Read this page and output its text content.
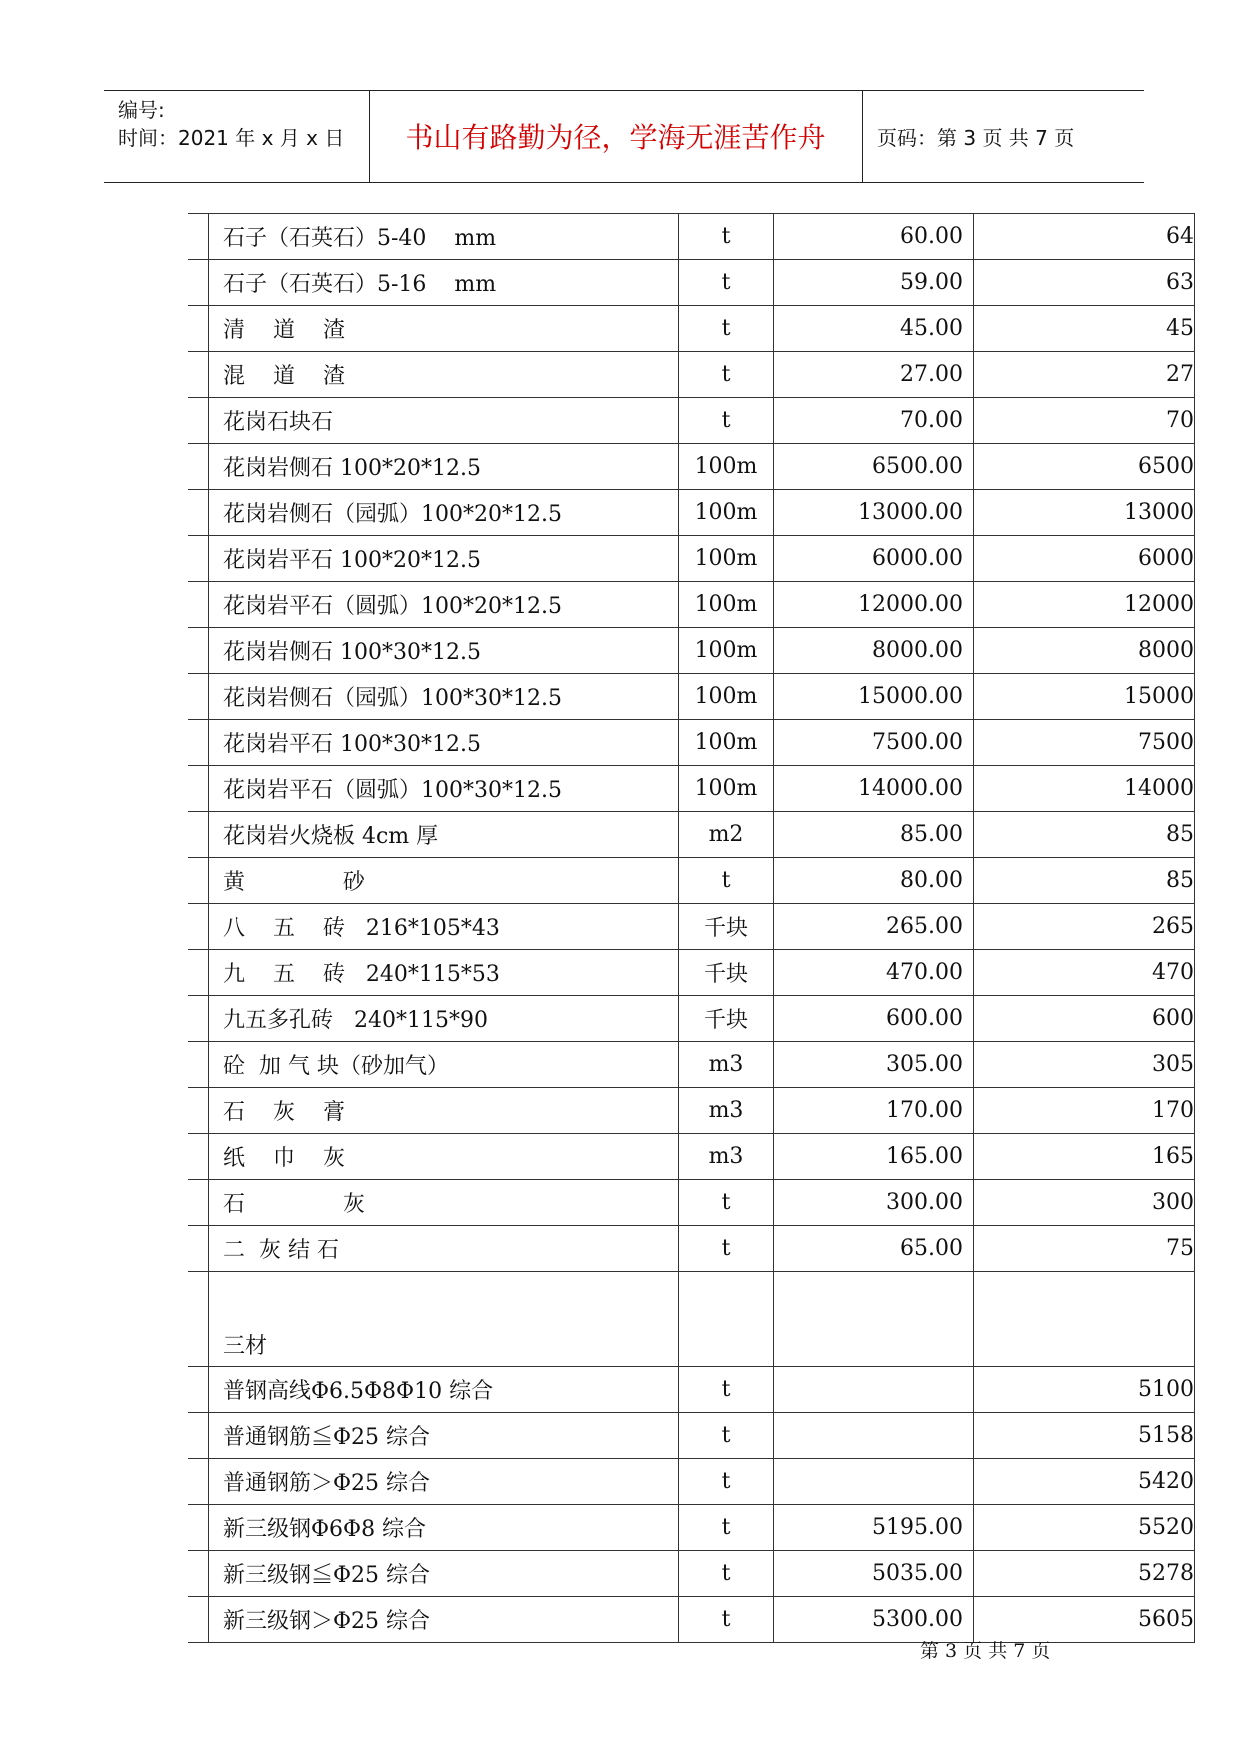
编号:
时间：2021 年 x 月 x 日	书山有路勤为径，学海无涯苦作舟	页码：第 3 页 共 7 页
	石子（石英石）5-40    mm	t	60.00	64
	石子（石英石）5-16    mm	t	59.00	63
	清    道    渣	t	45.00	45
	混    道    渣	t	27.00	27
	花岗石块石	t	70.00	70
	花岗岩侧石 100*20*12.5	100m	6500.00	6500
	花岗岩侧石（园弧）100*20*12.5	100m	13000.00	13000
	花岗岩平石 100*20*12.5	100m	6000.00	6000
	花岗岩平石（圆弧）100*20*12.5	100m	12000.00	12000
	花岗岩侧石 100*30*12.5	100m	8000.00	8000
	花岗岩侧石（园弧）100*30*12.5	100m	15000.00	15000
	花岗岩平石 100*30*12.5	100m	7500.00	7500
	花岗岩平石（圆弧）100*30*12.5	100m	14000.00	14000
	花岗岩火烧板 4cm 厚	m2	85.00	85
	黄              砂	t	80.00	85
	八    五    砖   216*105*43	千块	265.00	265
	九    五    砖   240*115*53	千块	470.00	470
	九五多孔砖   240*115*90	千块	600.00	600
	砼  加 气 块（砂加气）	m3	305.00	305
	石    灰    膏	m3	170.00	170
	纸    巾    灰	m3	165.00	165
	石              灰	t	300.00	300
	二  灰 结 石	t	65.00	75
	三材			
	普钢高线Φ6.5Φ8Φ10 综合	t		5100
	普通钢筋≦Φ25 综合	t		5158
	普通钢筋＞Φ25 综合	t		5420
	新三级钢Φ6Φ8 综合	t	5195.00	5520
	新三级钢≦Φ25 综合	t	5035.00	5278
	新三级钢＞Φ25 综合	t	5300.00	5605
第 3 页 共 7 页
